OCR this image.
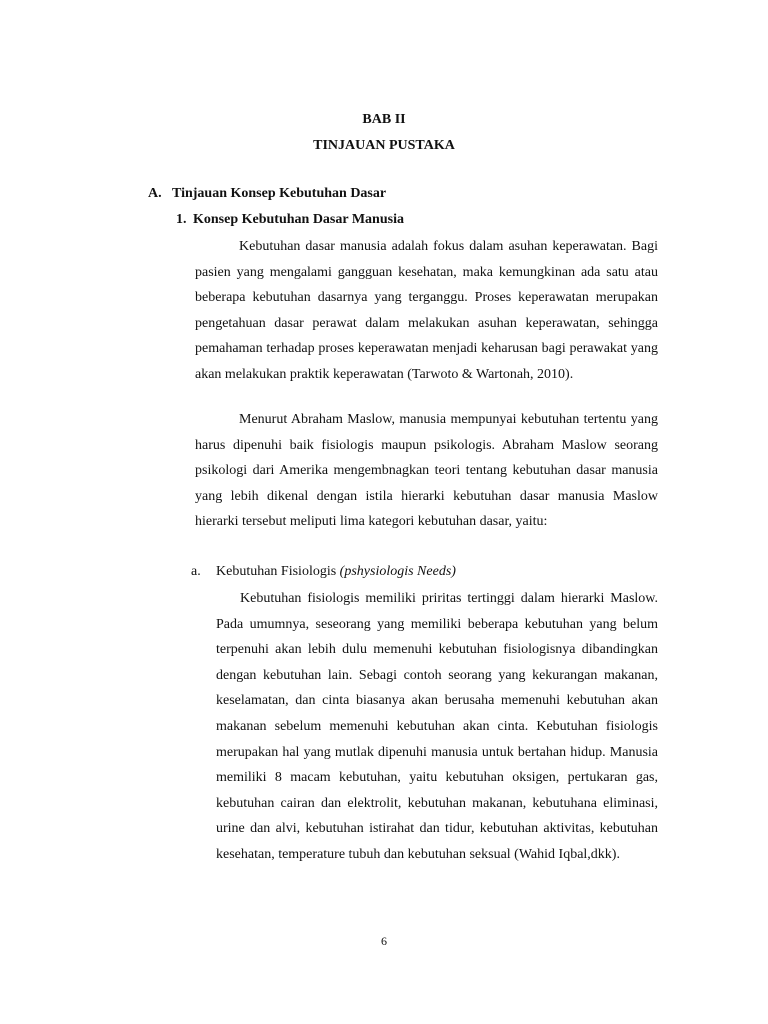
BAB II
TINJAUAN PUSTAKA
A. Tinjauan Konsep Kebutuhan Dasar
1. Konsep Kebutuhan Dasar Manusia

Kebutuhan dasar manusia adalah fokus dalam asuhan keperawatan. Bagi pasien yang mengalami gangguan kesehatan, maka kemungkinan ada satu atau beberapa kebutuhan dasarnya yang terganggu. Proses keperawatan merupakan pengetahuan dasar perawat dalam melakukan asuhan keperawatan, sehingga pemahaman terhadap proses keperawatan menjadi keharusan bagi perawakat yang akan melakukan praktik keperawatan (Tarwoto & Wartonah, 2010).

Menurut Abraham Maslow, manusia mempunyai kebutuhan tertentu yang harus dipenuhi baik fisiologis maupun psikologis. Abraham Maslow seorang psikologi dari Amerika mengembnagkan teori tentang kebutuhan dasar manusia yang lebih dikenal dengan istila hierarki kebutuhan dasar manusia Maslow hierarki tersebut meliputi lima kategori kebutuhan dasar, yaitu:

a. Kebutuhan Fisiologis (pshysiologis Needs)

Kebutuhan fisiologis memiliki priritas tertinggi dalam hierarki Maslow. Pada umumnya, seseorang yang memiliki beberapa kebutuhan yang belum terpenuhi akan lebih dulu memenuhi kebutuhan fisiologisnya dibandingkan dengan kebutuhan lain. Sebagi contoh seorang yang kekurangan makanan, keselamatan, dan cinta biasanya akan berusaha memenuhi kebutuhan akan makanan sebelum memenuhi kebutuhan akan cinta. Kebutuhan fisiologis merupakan hal yang mutlak dipenuhi manusia untuk bertahan hidup. Manusia memiliki 8 macam kebutuhan, yaitu kebutuhan oksigen, pertukaran gas, kebutuhan cairan dan elektrolit, kebutuhan makanan, kebutuhana eliminasi, urine dan alvi, kebutuhan istirahat dan tidur, kebutuhan aktivitas, kebutuhan kesehatan, temperature tubuh dan kebutuhan seksual (Wahid Iqbal,dkk).

6
